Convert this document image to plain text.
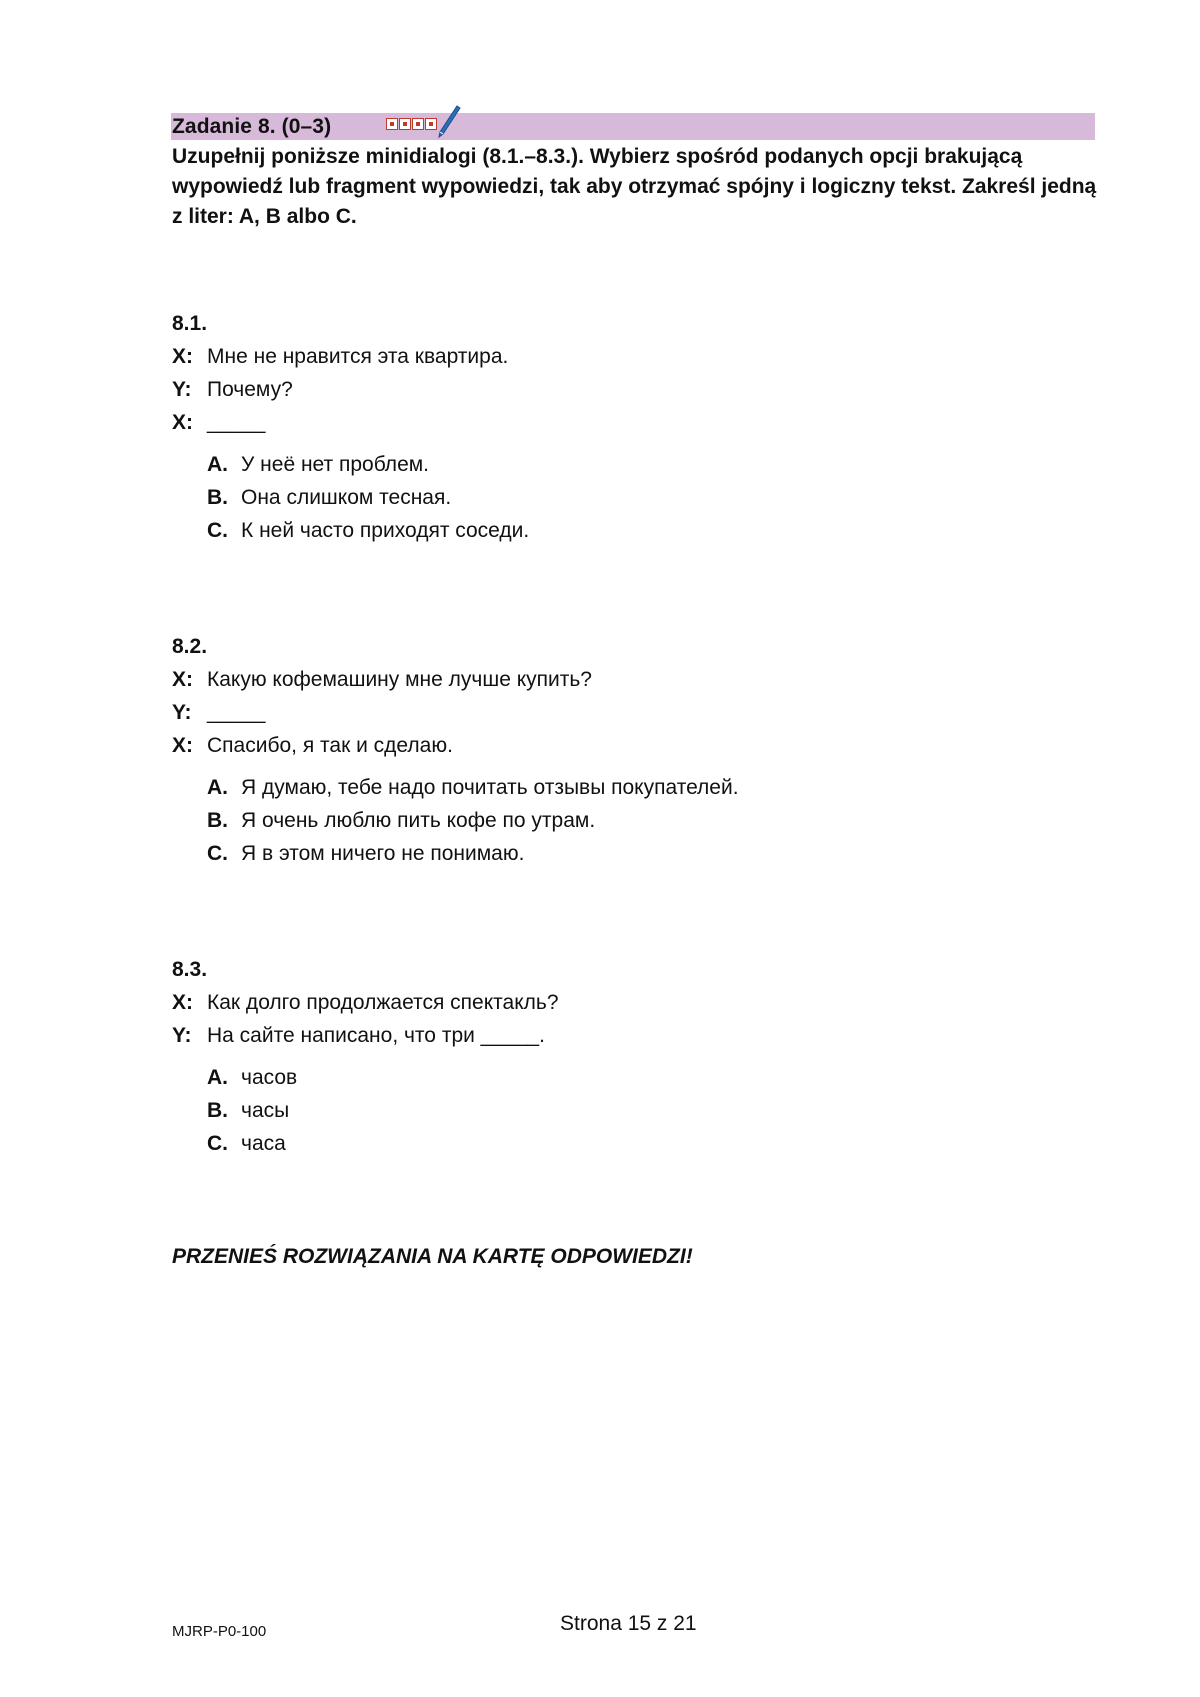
Zadanie 8. (0–3)
Uzupełnij poniższe minidialogi (8.1.–8.3.). Wybierz spośród podanych opcji brakującą wypowiedź lub fragment wypowiedzi, tak aby otrzymać spójny i logiczny tekst. Zakreśl jedną z liter: A, B albo C.
8.1.
X: Мне не нравится эта квартира.
Y: Почему?
X: _____
A. У неё нет проблем.
B. Она слишком тесная.
C. К ней часто приходят соседи.
8.2.
X: Какую кофемашину мне лучше купить?
Y: _____
X: Спасибо, я так и сделаю.
A. Я думаю, тебе надо почитать отзывы покупателей.
B. Я очень люблю пить кофе по утрам.
C. Я в этом ничего не понимаю.
8.3.
X: Как долго продолжается спектакль?
Y: На сайте написано, что три _____.
A. часов
B. часы
C. часа
PRZENIEŚ ROZWIĄZANIA NA KARTĘ ODPOWIEDZI!
MJRP-P0-100	Strona 15 z 21
